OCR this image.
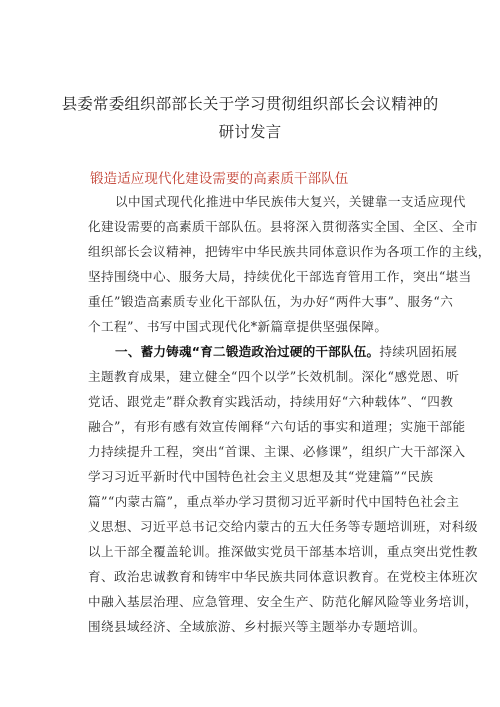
县委常委组织部部长关于学习贯彻组织部长会议精神的
研讨发言
锻造适应现代化建设需要的高素质干部队伍
以中国式现代化推进中华民族伟大复兴，关键靠一支适应现代
化建设需要的高素质干部队伍。县将深入贯彻落实全国、全区、全市
组织部长会议精神，把铸牢中华民族共同体意识作为各项工作的主线，
坚持围绕中心、服务大局，持续优化干部选育管用工作，突出“堪当
重任”锻造高素质专业化干部队伍，为办好“两件大事”、服务“六
个工程”、书写中国式现代化*新篇章提供坚强保障。
一、蓄力铸魂“育二锻造政治过硬的干部队伍。持续巩固拓展
主题教育成果，建立健全“四个以学”长效机制。深化“感党恩、听
党话、跟党走”群众教育实践活动，持续用好“六种载体”、“四教
融合”，有形有感有效宣传阐释“六句话的事实和道理；实施干部能
力持续提升工程，突出“首课、主课、必修课”，组织广大干部深入
学习习近平新时代中国特色社会主义思想及其“党建篇”“民族
篇”“内蒙古篇”，重点举办学习贯彻习近平新时代中国特色社会主
义思想、习近平总书记交给内蒙古的五大任务等专题培训班，对科级
以上干部全覆盖轮训。推深做实党员干部基本培训，重点突出党性教
育、政治忠诚教育和铸牢中华民族共同体意识教育。在党校主体班次
中融入基层治理、应急管理、安全生产、防范化解风险等业务培训，
围绕县域经济、全域旅游、乡村振兴等主题举办专题培训。
